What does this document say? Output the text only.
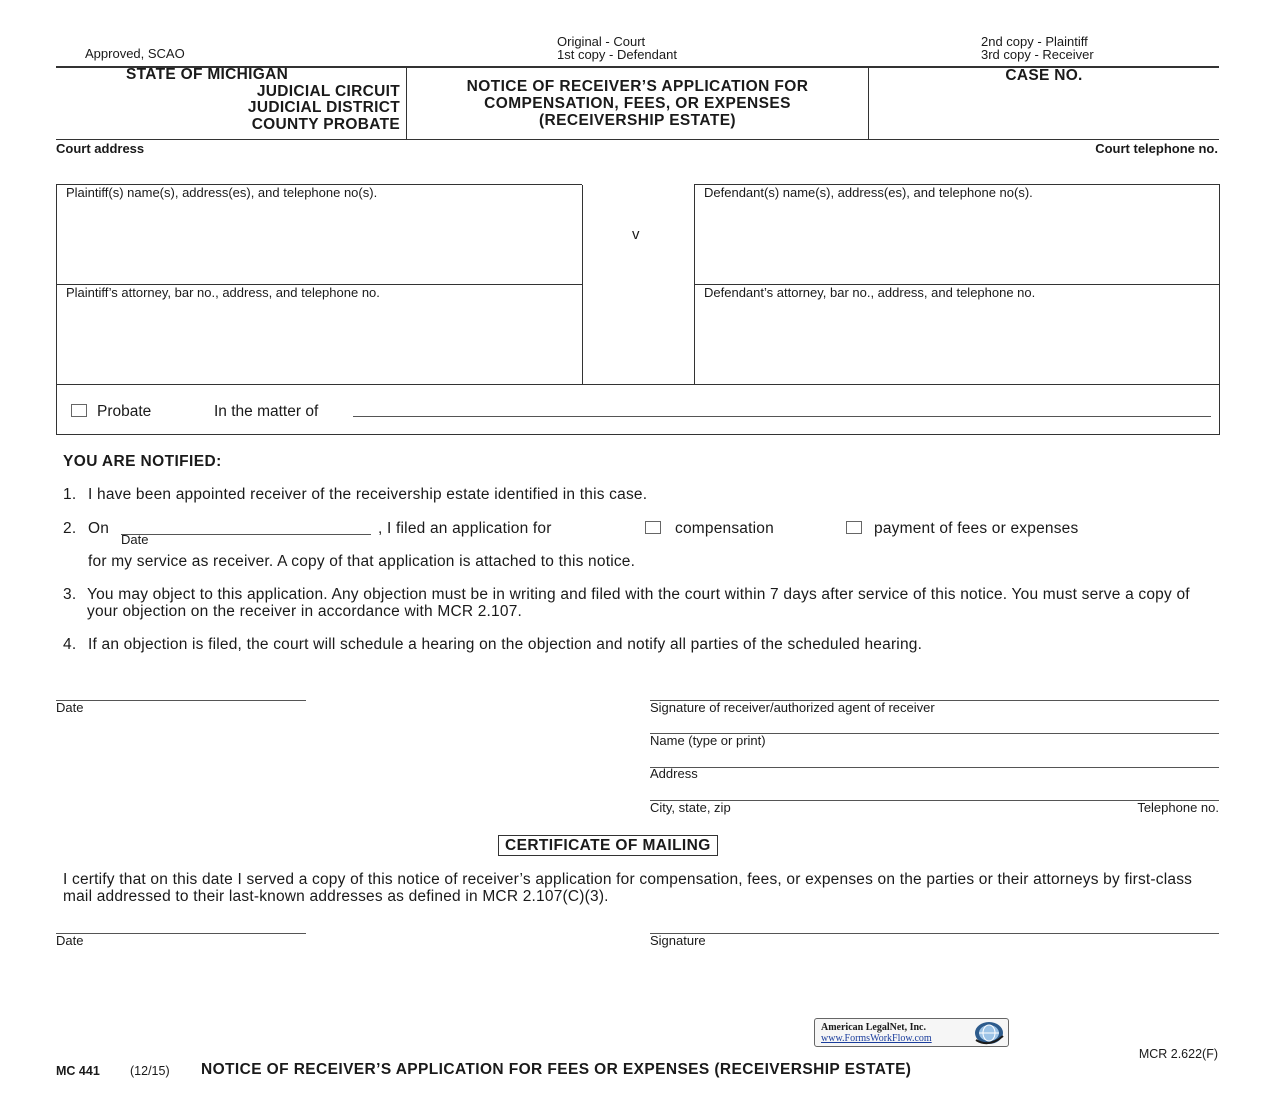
Approved, SCAO
Original - Court
1st copy - Defendant
2nd copy - Plaintiff
3rd copy - Receiver
STATE OF MICHIGAN
JUDICIAL CIRCUIT
JUDICIAL DISTRICT
COUNTY PROBATE
NOTICE OF RECEIVER’S APPLICATION FOR
COMPENSATION, FEES, OR EXPENSES
(RECEIVERSHIP ESTATE)
CASE NO.
Court address	Court telephone no.
Plaintiff(s) name(s), address(es), and telephone no(s).	Defendant(s) name(s), address(es), and telephone no(s).
v
Plaintiff’s attorney, bar no., address, and telephone no.	Defendant’s attorney, bar no., address, and telephone no.
Probate	In the matter of
YOU ARE NOTIFIED:
1. I have been appointed receiver of the receivership estate identified in this case.
2. On
Date
, I filed an application for	compensation	payment of fees or expenses
for my service as receiver. A copy of that application is attached to this notice.
3. You may object to this application. Any objection must be in writing and filed with the court within 7 days after service of this notice. You must serve a copy of your objection on the receiver in accordance with MCR 2.107.
4. If an objection is filed, the court will schedule a hearing on the objection and notify all parties of the scheduled hearing.
Date	Signature of receiver/authorized agent of receiver
Name (type or print)
Address
City, state, zip	Telephone no.
CERTIFICATE OF MAILING
I certify that on this date I served a copy of this notice of receiver’s application for compensation, fees, or expenses on the parties or their attorneys by first-class mail addressed to their last-known addresses as defined in MCR 2.107(C)(3).
Date	Signature
American LegalNet, Inc.
www.FormsWorkFlow.com
MCR 2.622(F)
MC 441 (12/15) NOTICE OF RECEIVER’S APPLICATION FOR FEES OR EXPENSES (RECEIVERSHIP ESTATE)
